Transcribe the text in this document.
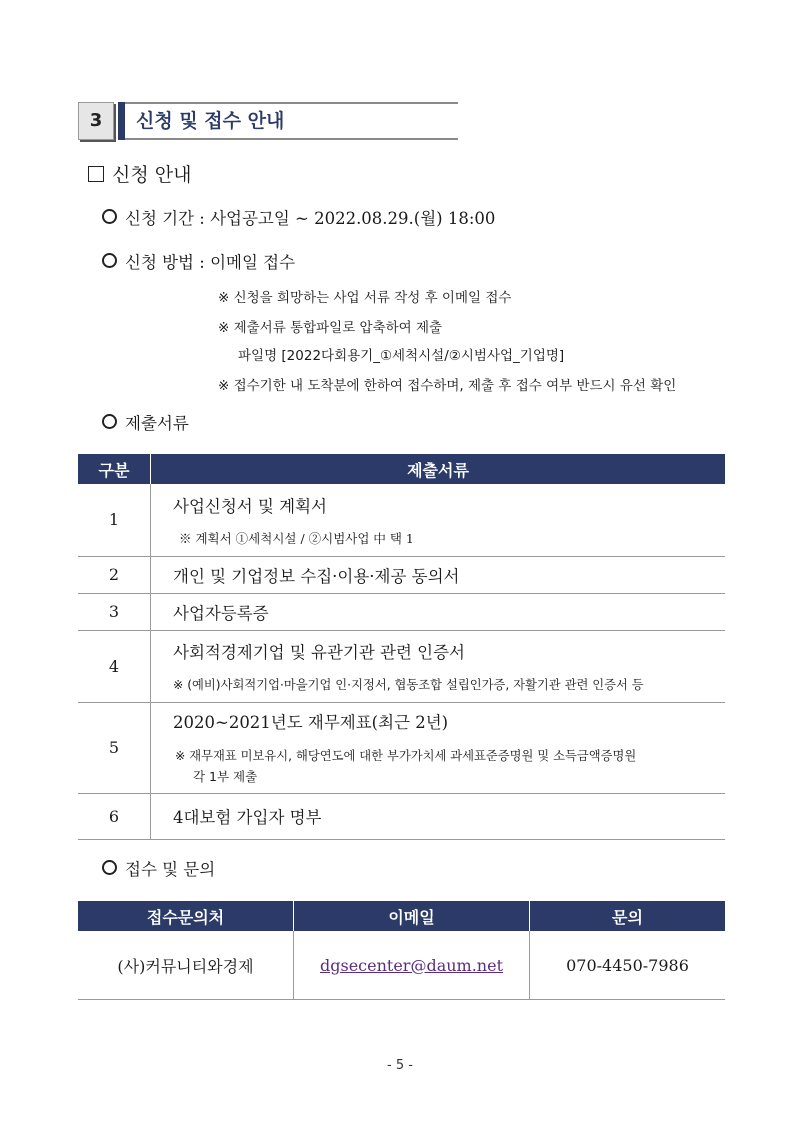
3	신청 및 접수 안내
신청 안내
신청 기간 : 사업공고일 ~ 2022.08.29.(월) 18:00
신청 방법 : 이메일 접수
※ 신청을 희망하는 사업 서류 작성 후 이메일 접수
※ 제출서류 통합파일로 압축하여 제출
파일명 [2022다회용기_①세척시설/②시범사업_기업명]
※ 접수기한 내 도착분에 한하여 접수하며, 제출 후 접수 여부 반드시 유선 확인
제출서류
구분	제출서류
1	사업신청서 및 계획서
※ 계획서 ①세척시설 / ②시범사업 中 택 1

2	개인 및 기업정보 수집·이용·제공 동의서

3	사업자등록증

4	사회적경제기업 및 유관기관 관련 인증서
※ (예비)사회적기업·마을기업 인·지정서, 협동조합 설립인가증, 자활기관 관련 인증서 등

5	2020~2021년도 재무제표(최근 2년)
※ 재무재표 미보유시, 해당연도에 대한 부가가치세 과세표준증명원 및 소득금액증명원
각 1부 제출

6	4대보험 가입자 명부
접수 및 문의
접수문의처	이메일	문의
(사)커뮤니티와경제	dgsecenter@daum.net	070-4450-7986
- 5 -
